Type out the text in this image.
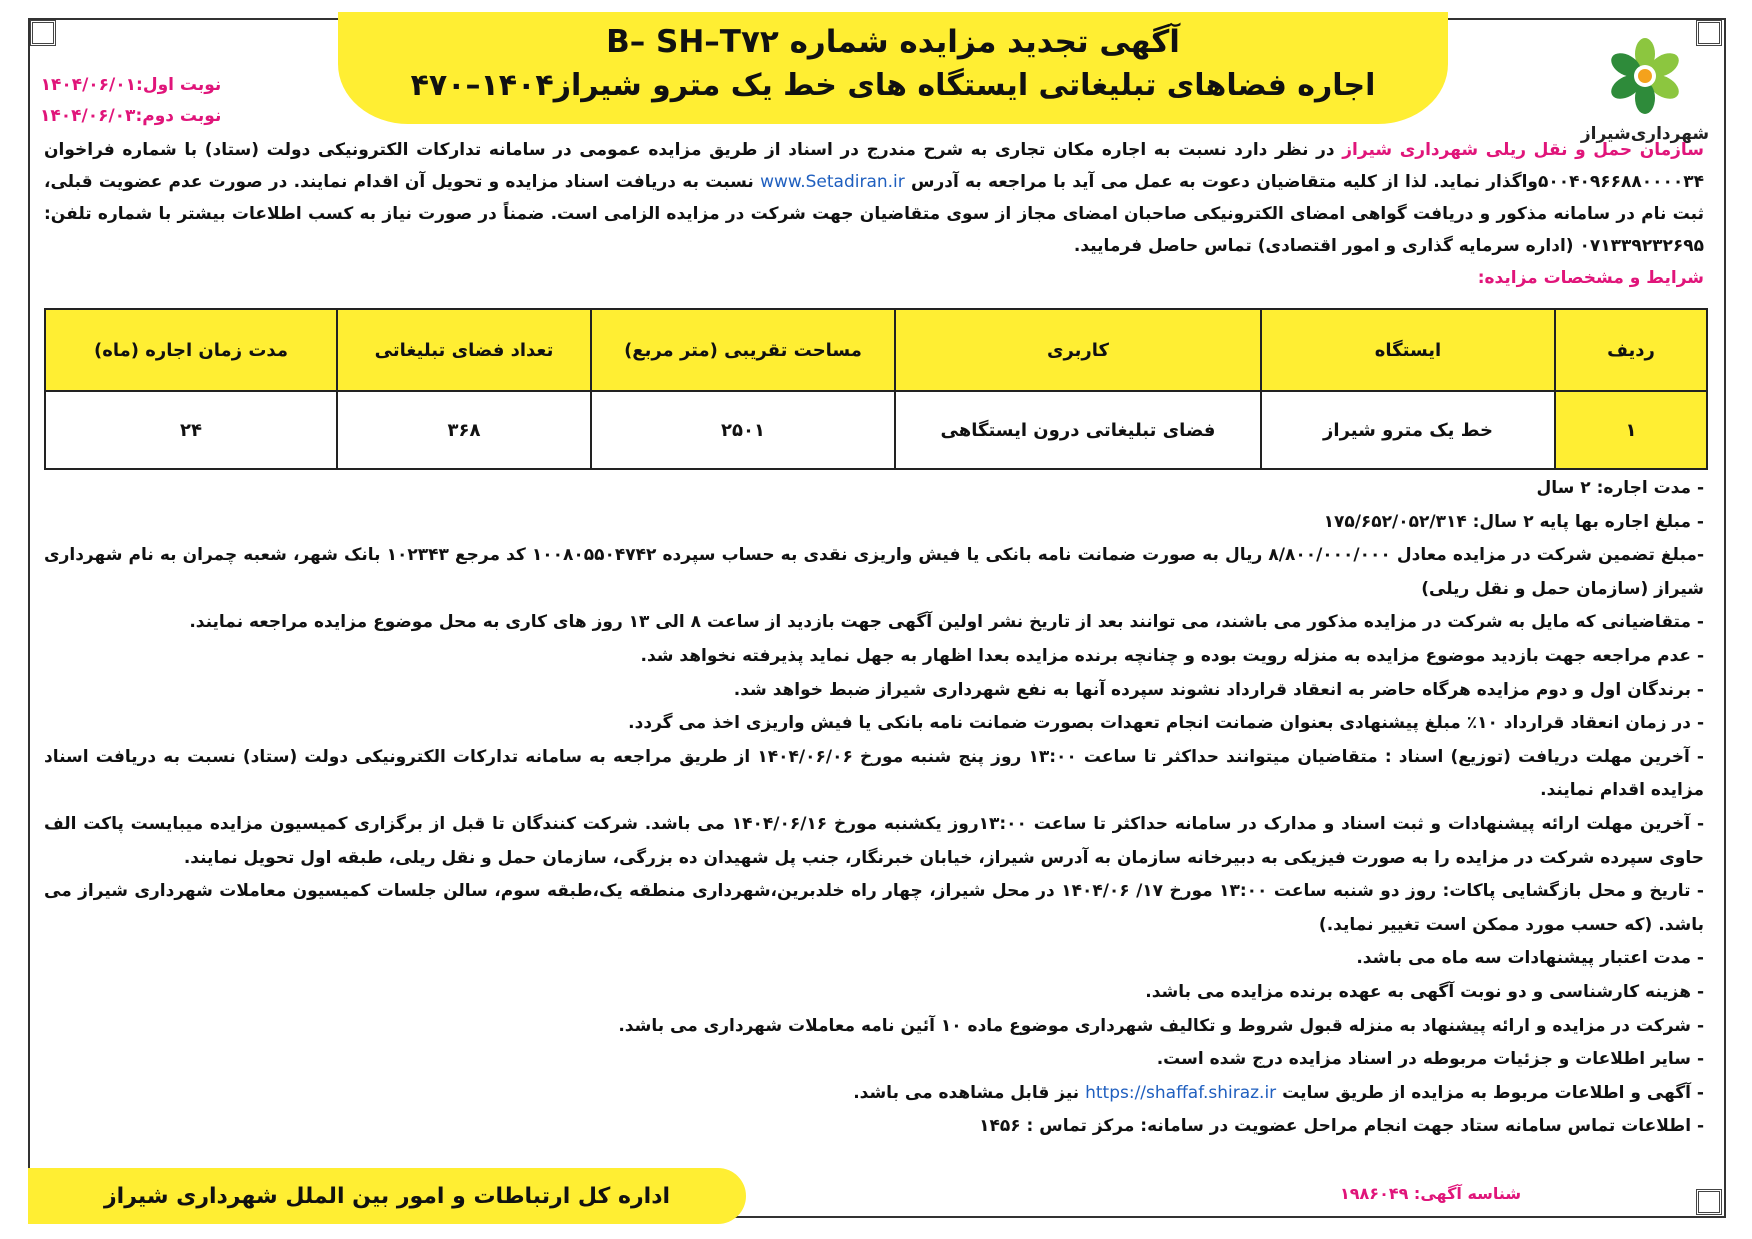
آگهی تجدید مزایده شماره B– SH–T۷۲
اجاره فضاهای تبلیغاتی ایستگاه های خط یک مترو شیراز۱۴۰۴–۴۷۰
شهرداری‌شیراز
نوبت اول:۱۴۰۴/۰۶/۰۱
نوبت دوم:۱۴۰۴/۰۶/۰۳
سازمان حمل و نقل ریلی شهرداری شیراز در نظر دارد نسبت به اجاره مکان تجاری به شرح مندرج در اسناد از طریق مزایده عمومی در سامانه تدارکات الکترونیکی دولت (ستاد) با شماره فراخوان ۵۰۰۴۰۹۶۶۸۸۰۰۰۰۳۴واگذار نماید. لذا از کلیه متقاضیان دعوت به عمل می آید با مراجعه به آدرس www.Setadiran.ir نسبت به دریافت اسناد مزایده و تحویل آن اقدام نمایند. در صورت عدم عضویت قبلی، ثبت نام در سامانه مذکور و دریافت گواهی امضای الکترونیکی صاحبان امضای مجاز از سوی متقاضیان جهت شرکت در مزایده الزامی است. ضمناً در صورت نیاز به کسب اطلاعات بیشتر با شماره تلفن: ۰۷۱۳۳۹۲۳۲۶۹۵ (اداره سرمایه گذاری و امور اقتصادی) تماس حاصل فرمایید.
شرایط و مشخصات مزایده:
ردیف	ایستگاه	کاربری	مساحت تقریبی (متر مربع)	تعداد فضای تبلیغاتی	مدت زمان اجاره (ماه)
۱	خط یک مترو شیراز	فضای تبلیغاتی درون ایستگاهی	۲۵۰۱	۳۶۸	۲۴

- مدت اجاره: ۲ سال

- مبلغ اجاره بها پایه ۲ سال: ۱۷۵/۶۵۲/۰۵۲/۳۱۴

-مبلغ تضمین شرکت در مزایده معادل ۸/۸۰۰/۰۰۰/۰۰۰ ریال به صورت ضمانت نامه بانکی یا فیش واریزی نقدی به حساب سپرده ۱۰۰۸۰۵۵۰۴۷۴۲ کد مرجع ۱۰۲۳۴۳ بانک شهر، شعبه چمران به نام شهرداری شیراز (سازمان حمل و نقل ریلی)

- متقاضیانی که مایل به شرکت در مزایده مذکور می باشند، می توانند بعد از تاریخ نشر اولین آگهی جهت بازدید از ساعت ۸ الی ۱۳ روز های کاری به محل موضوع مزایده مراجعه نمایند.

- عدم مراجعه جهت بازدید موضوع مزایده به منزله رویت بوده و چنانچه برنده مزایده بعدا اظهار به جهل نماید پذیرفته نخواهد شد.

- برندگان اول و دوم مزایده هرگاه حاضر به انعقاد قرارداد نشوند سپرده آنها به نفع شهرداری شیراز ضبط خواهد شد.

- در زمان انعقاد قرارداد ۱۰٪ مبلغ پیشنهادی بعنوان ضمانت انجام تعهدات بصورت ضمانت نامه بانکی یا فیش واریزی اخذ می گردد.

- آخرین مهلت دریافت (توزیع) اسناد : متقاضیان میتوانند حداکثر تا ساعت ۱۳:۰۰ روز پنج شنبه مورخ ۱۴۰۴/۰۶/۰۶ از طریق مراجعه به سامانه تدارکات الکترونیکی دولت (ستاد) نسبت به دریافت اسناد مزایده اقدام نمایند.

- آخرین مهلت ارائه پیشنهادات و ثبت اسناد و مدارک در سامانه حداکثر تا ساعت ۱۳:۰۰روز یکشنبه مورخ ۱۴۰۴/۰۶/۱۶ می باشد. شرکت کنندگان تا قبل از برگزاری کمیسیون مزایده میبایست پاکت الف حاوی سپرده شرکت در مزایده را به صورت فیزیکی به دبیرخانه سازمان به آدرس شیراز، خیابان خبرنگار، جنب پل شهیدان ده بزرگی، سازمان حمل و نقل ریلی، طبقه اول تحویل نمایند.

- تاریخ و محل بازگشایی پاکات: روز دو شنبه ساعت ۱۳:۰۰ مورخ ۱۷/ ۱۴۰۴/۰۶ در محل شیراز، چهار راه خلدبرین،شهرداری منطقه یک،طبقه سوم، سالن جلسات کمیسیون معاملات شهرداری شیراز می باشد. (که حسب مورد ممکن است تغییر نماید.)

- مدت اعتبار پیشنهادات سه ماه می باشد.

- هزینه کارشناسی و دو نوبت آگهی به عهده برنده مزایده می باشد.

- شرکت در مزایده و ارائه پیشنهاد به منزله قبول شروط و تکالیف شهرداری موضوع ماده ۱۰ آئین نامه معاملات شهرداری می باشد.

- سایر اطلاعات و جزئیات مربوطه در اسناد مزایده درج شده است.

- آگهی و اطلاعات مربوط به مزایده از طریق سایت https://shaffaf.shiraz.ir نیز قابل مشاهده می باشد.

- اطلاعات تماس سامانه ستاد جهت انجام مراحل عضویت در سامانه: مرکز تماس : ۱۴۵۶

شناسه آگهی: ۱۹۸۶۰۴۹
اداره کل ارتباطات و امور بین الملل شهرداری شیراز
